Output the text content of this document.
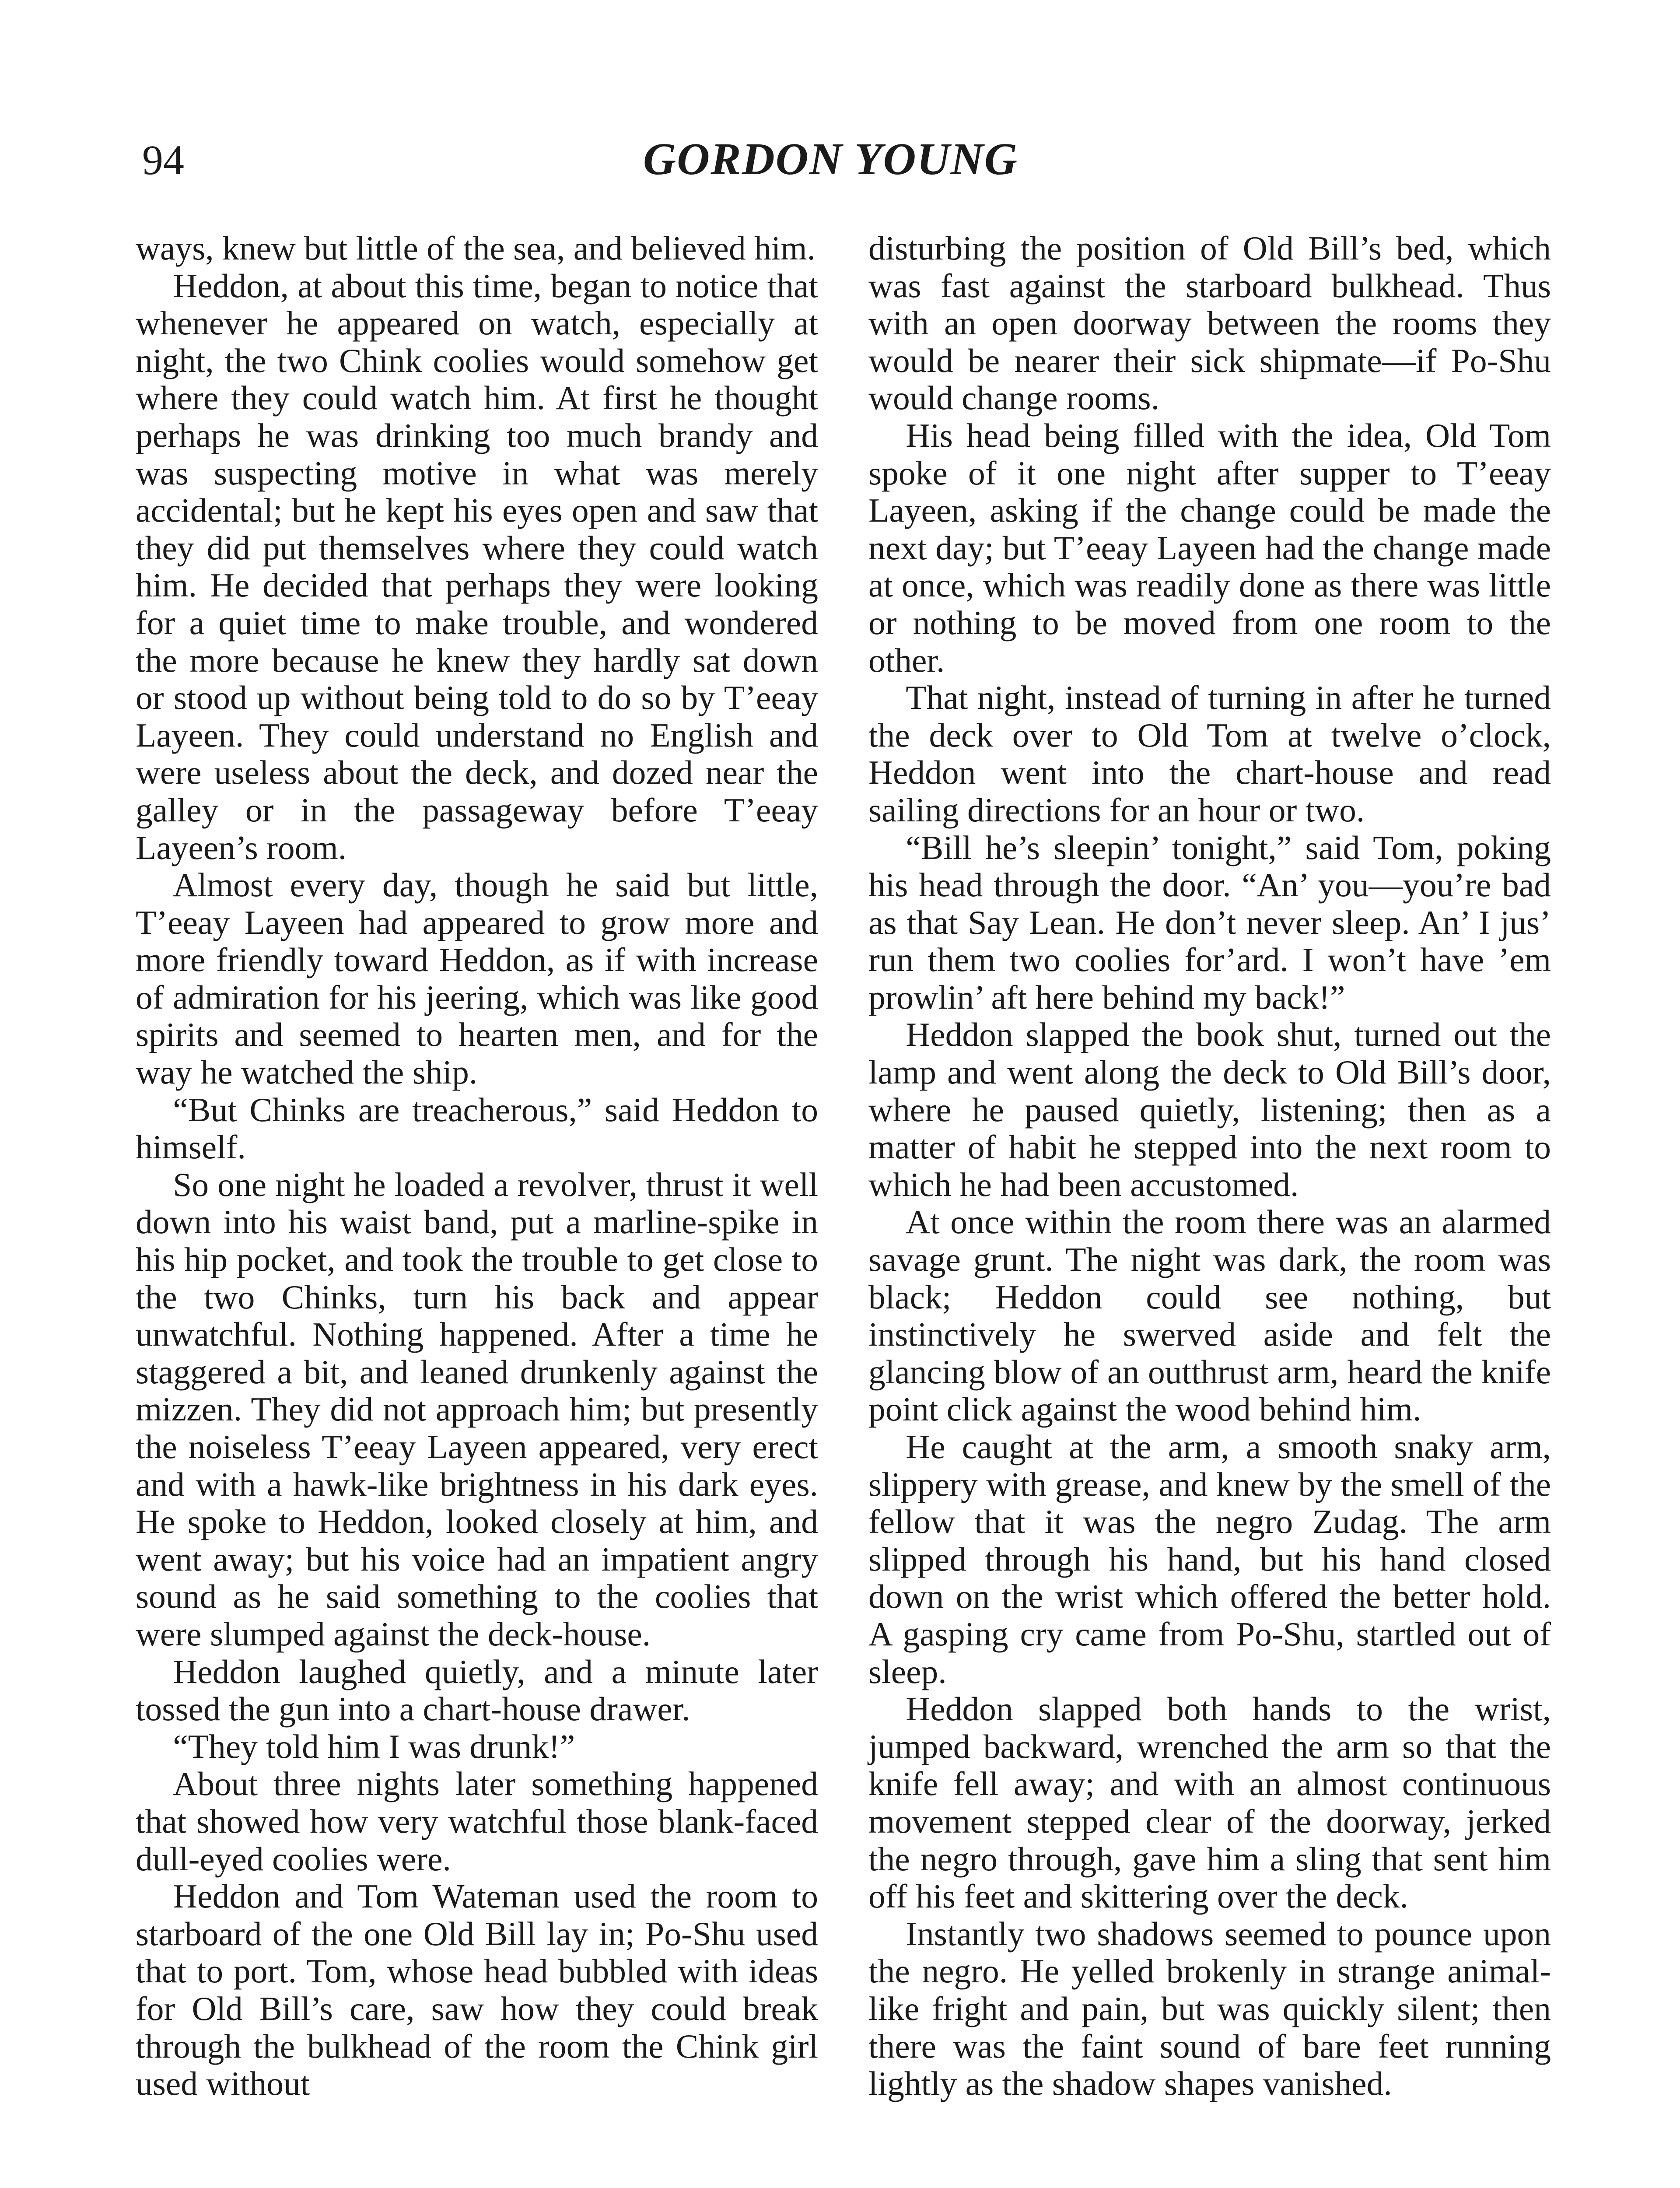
94	GORDON YOUNG

ways, knew but little of the sea, and believed him.

Heddon, at about this time, began to notice that whenever he appeared on watch, especially at night, the two Chink coolies would somehow get where they could watch him. At first he thought perhaps he was drinking too much brandy and was suspecting motive in what was merely accidental; but he kept his eyes open and saw that they did put themselves where they could watch him. He decided that perhaps they were looking for a quiet time to make trouble, and wondered the more because he knew they hardly sat down or stood up without being told to do so by T’eeay Layeen. They could understand no English and were useless about the deck, and dozed near the galley or in the passageway before T’eeay Layeen’s room.

Almost every day, though he said but little, T’eeay Layeen had appeared to grow more and more friendly toward Heddon, as if with increase of admiration for his jeering, which was like good spirits and seemed to hearten men, and for the way he watched the ship.

“But Chinks are treacherous,” said Heddon to himself.

So one night he loaded a revolver, thrust it well down into his waist band, put a marline-spike in his hip pocket, and took the trouble to get close to the two Chinks, turn his back and appear unwatchful. Nothing happened. After a time he staggered a bit, and leaned drunkenly against the mizzen. They did not approach him; but presently the noiseless T’eeay Layeen appeared, very erect and with a hawk-like brightness in his dark eyes. He spoke to Heddon, looked closely at him, and went away; but his voice had an impatient angry sound as he said something to the coolies that were slumped against the deck-house.

Heddon laughed quietly, and a minute later tossed the gun into a chart-house drawer.

“They told him I was drunk!”

About three nights later something happened that showed how very watchful those blank-faced dull-eyed coolies were.

Heddon and Tom Wateman used the room to starboard of the one Old Bill lay in; Po-Shu used that to port. Tom, whose head bubbled with ideas for Old Bill’s care, saw how they could break through the bulkhead of the room the Chink girl used without

disturbing the position of Old Bill’s bed, which was fast against the starboard bulkhead. Thus with an open doorway between the rooms they would be nearer their sick shipmate—if Po-Shu would change rooms.

His head being filled with the idea, Old Tom spoke of it one night after supper to T’eeay Layeen, asking if the change could be made the next day; but T’eeay Layeen had the change made at once, which was readily done as there was little or nothing to be moved from one room to the other.

That night, instead of turning in after he turned the deck over to Old Tom at twelve o’clock, Heddon went into the chart-house and read sailing directions for an hour or two.

“Bill he’s sleepin’ tonight,” said Tom, poking his head through the door. “An’ you—you’re bad as that Say Lean. He don’t never sleep. An’ I jus’ run them two coolies for’ard. I won’t have ’em prowlin’ aft here behind my back!”

Heddon slapped the book shut, turned out the lamp and went along the deck to Old Bill’s door, where he paused quietly, listening; then as a matter of habit he stepped into the next room to which he had been accustomed.

At once within the room there was an alarmed savage grunt. The night was dark, the room was black; Heddon could see nothing, but instinctively he swerved aside and felt the glancing blow of an outthrust arm, heard the knife point click against the wood behind him.

He caught at the arm, a smooth snaky arm, slippery with grease, and knew by the smell of the fellow that it was the negro Zudag. The arm slipped through his hand, but his hand closed down on the wrist which offered the better hold. A gasping cry came from Po-Shu, startled out of sleep.

Heddon slapped both hands to the wrist, jumped backward, wrenched the arm so that the knife fell away; and with an almost continuous movement stepped clear of the doorway, jerked the negro through, gave him a sling that sent him off his feet and skittering over the deck.

Instantly two shadows seemed to pounce upon the negro. He yelled brokenly in strange animal-like fright and pain, but was quickly silent; then there was the faint sound of bare feet running lightly as the shadow shapes vanished.
